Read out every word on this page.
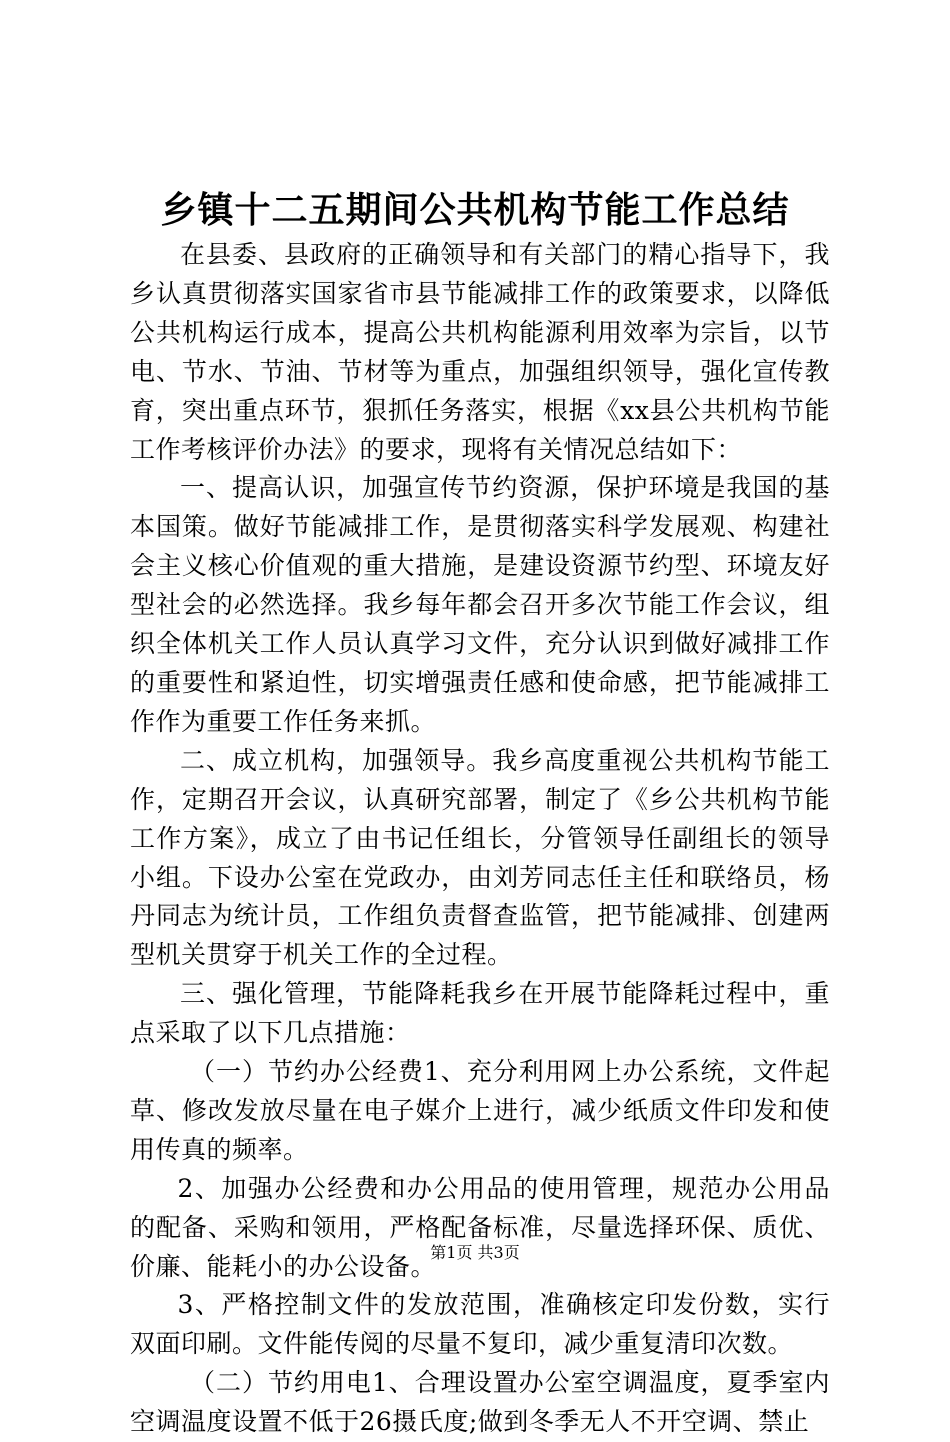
乡镇十二五期间公共机构节能工作总结

在县委、县政府的正确领导和有关部门的精心指导下，我乡认真贯彻落实国家省市县节能减排工作的政策要求，以降低公共机构运行成本，提高公共机构能源利用效率为宗旨，以节电、节水、节油、节材等为重点，加强组织领导，强化宣传教育，突出重点环节，狠抓任务落实，根据《xx县公共机构节能工作考核评价办法》的要求，现将有关情况总结如下：

一、提高认识，加强宣传节约资源，保护环境是我国的基本国策。做好节能减排工作，是贯彻落实科学发展观、构建社会主义核心价值观的重大措施，是建设资源节约型、环境友好型社会的必然选择。我乡每年都会召开多次节能工作会议，组织全体机关工作人员认真学习文件，充分认识到做好减排工作的重要性和紧迫性，切实增强责任感和使命感，把节能减排工作作为重要工作任务来抓。

二、成立机构，加强领导。我乡高度重视公共机构节能工作，定期召开会议，认真研究部署，制定了《乡公共机构节能工作方案》，成立了由书记任组长，分管领导任副组长的领导小组。下设办公室在党政办，由刘芳同志任主任和联络员，杨丹同志为统计员，工作组负责督查监管，把节能减排、创建两型机关贯穿于机关工作的全过程。

三、强化管理，节能降耗我乡在开展节能降耗过程中，重点采取了以下几点措施：

（一）节约办公经费1、充分利用网上办公系统，文件起草、修改发放尽量在电子媒介上进行，减少纸质文件印发和使用传真的频率。

2、加强办公经费和办公用品的使用管理，规范办公用品的配备、采购和领用，严格配备标准，尽量选择环保、质优、价廉、能耗小的办公设备。

3、严格控制文件的发放范围，准确核定印发份数，实行双面印刷。文件能传阅的尽量不复印，减少重复清印次数。

（二）节约用电1、合理设置办公室空调温度，夏季室内空调温度设置不低于26摄氏度;做到冬季无人不开空调、禁止

第1页 共3页
